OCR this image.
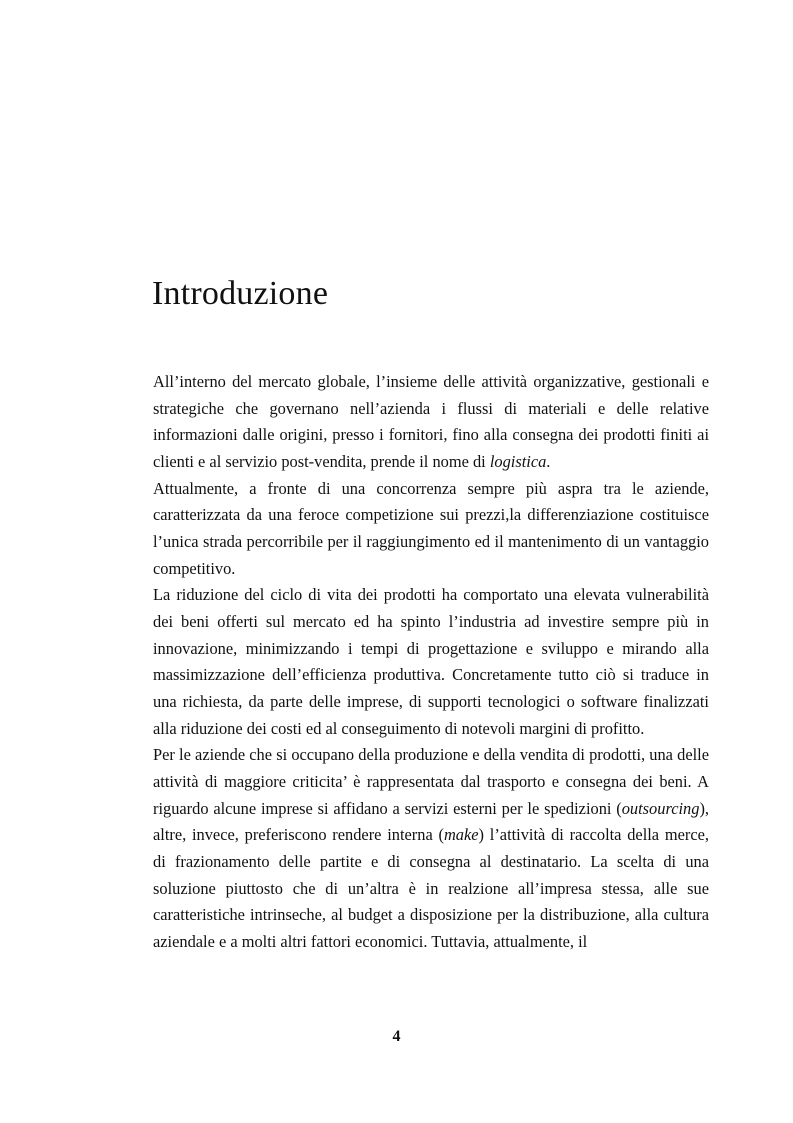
Introduzione
All’interno del mercato globale, l’insieme delle attività organizzative, gestionali e strategiche che governano nell’azienda i flussi di materiali e delle relative informazioni dalle origini, presso i fornitori, fino alla consegna dei prodotti finiti ai clienti e al servizio post-vendita, prende il nome di logistica.
Attualmente, a fronte di una concorrenza sempre più aspra tra le aziende, caratterizzata da una feroce competizione sui prezzi,la differenziazione costituisce l’unica strada percorribile per il raggiungimento ed il mantenimento di un vantaggio competitivo.
La riduzione del ciclo di vita dei prodotti ha comportato una elevata vulnerabilità dei beni offerti sul mercato ed ha spinto l’industria ad investire sempre più in innovazione, minimizzando i tempi di progettazione e sviluppo e mirando alla massimizzazione dell’efficienza produttiva. Concretamente tutto ciò si traduce in una richiesta, da parte delle imprese, di supporti tecnologici o software finalizzati alla riduzione dei costi ed al conseguimento di notevoli margini di profitto.
Per le aziende che si occupano della produzione e della vendita di prodotti, una delle attività di maggiore criticita’ è rappresentata dal trasporto e consegna dei beni. A riguardo alcune imprese si affidano a servizi esterni per le spedizioni (outsourcing), altre, invece, preferiscono rendere interna (make) l’attività di raccolta della merce, di frazionamento delle partite e di consegna al destinatario. La scelta di una soluzione piuttosto che di un’altra è in realzione all’impresa stessa, alle sue caratteristiche intrinseche, al budget a disposizione per la distribuzione, alla cultura aziendale e a molti altri fattori economici. Tuttavia, attualmente, il
4
